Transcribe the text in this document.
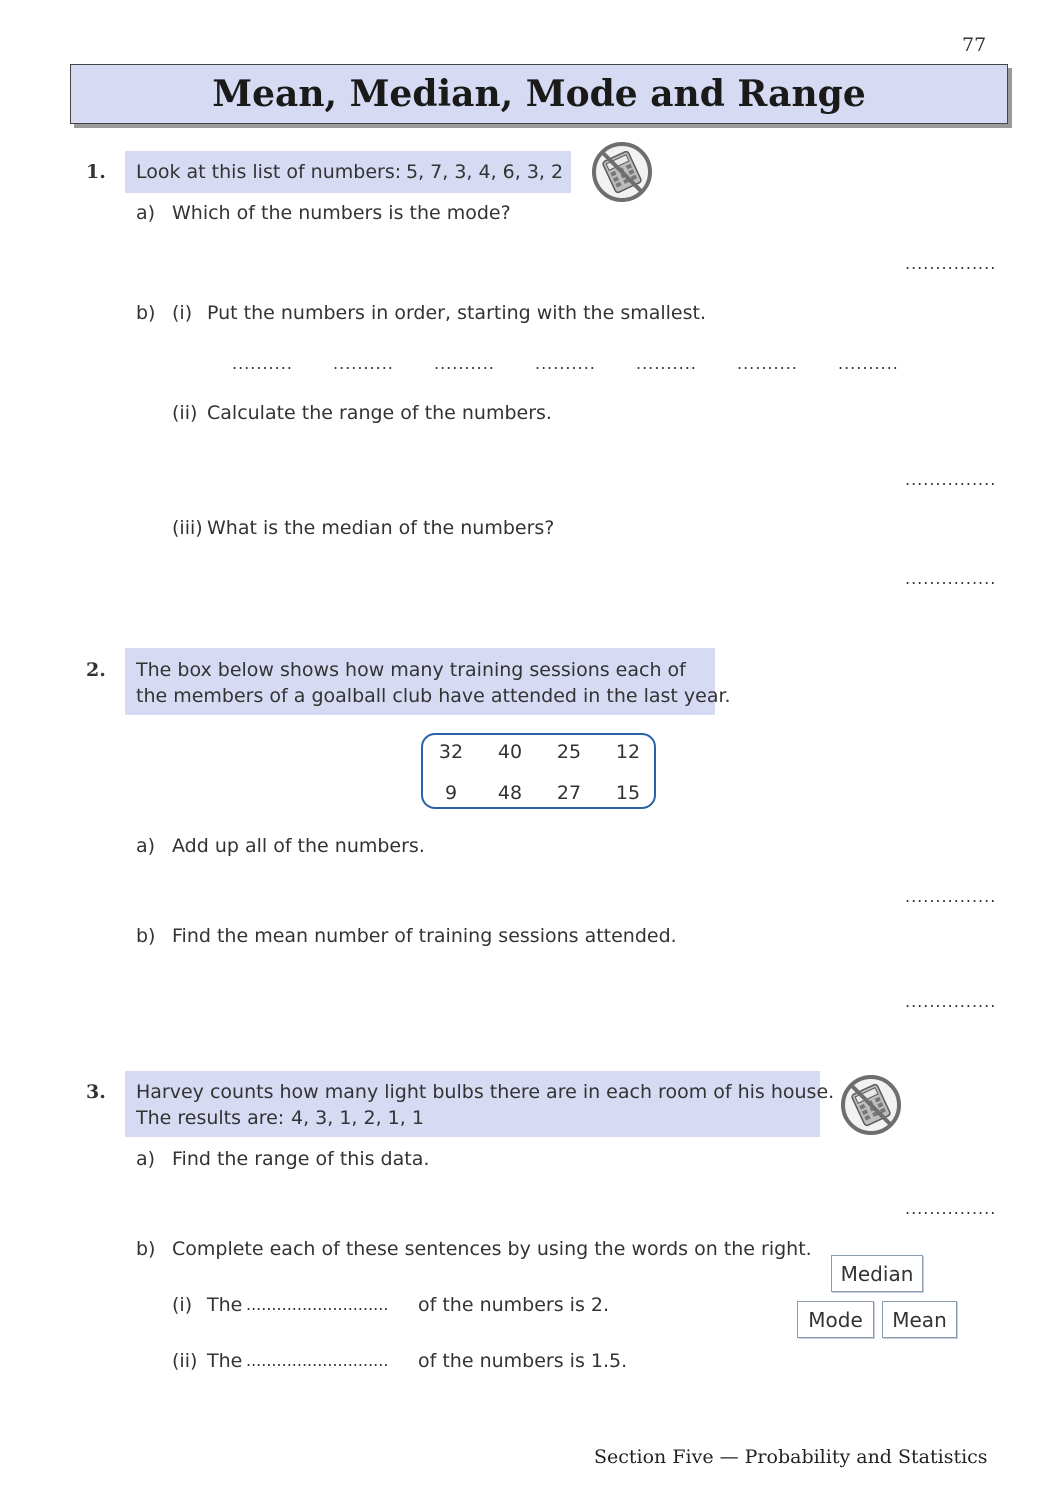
77
Mean, Median, Mode and Range
1. Look at this list of numbers: 5, 7, 3, 4, 6, 3, 2
a) Which of the numbers is the mode?
...............
b) (i) Put the numbers in order, starting with the smallest.
..........	..........	..........	..........	..........	..........	..........
(ii) Calculate the range of the numbers.
...............
(iii) What is the median of the numbers?
...............
2. The box below shows how many training sessions each of
the members of a goalball club have attended in the last year.
32	40	25	12
9	48	27	15
a) Add up all of the numbers.
...............
b) Find the mean number of training sessions attended.
...............
3. Harvey counts how many light bulbs there are in each room of his house.
The results are: 4, 3, 1, 2, 1, 1
a) Find the range of this data.
...............
b) Complete each of these sentences by using the words on the right.
(i) The ............................ of the numbers is 2.
(ii) The ............................ of the numbers is 1.5.
Median
Mode	Mean
Section Five — Probability and Statistics
